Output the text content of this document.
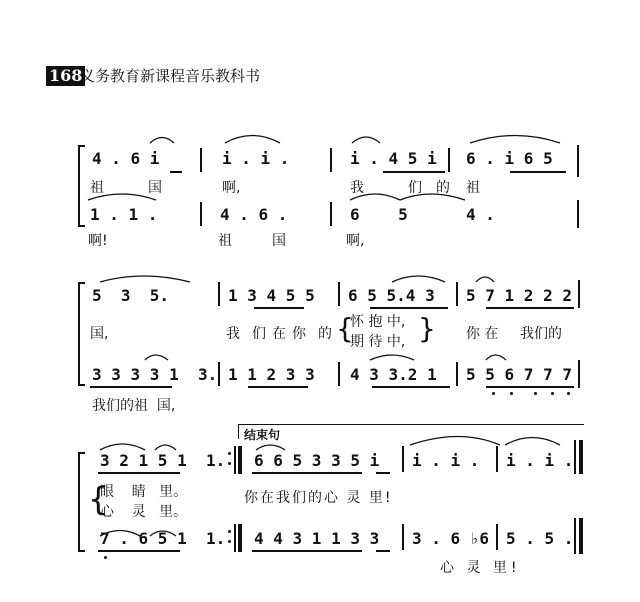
168
义务教育新课程音乐教科书
4 . 6 i	i . i .	i . 4 5 i 6 . i 6 5
祖	国	啊,	我	们 的 祖
1 . 1 .	4 . 6 .	6    5	4 .
啊!	祖	国	啊,
5  3  5.	1 3 4 5 5 6 5 5.4 3 5 7 1 2 2 2
国,	我 们 在 你 的	你 在 我们的
{
怀 抱 中,
期 待 中, }
3 3 3 3 1  3. 1 1 2 3 3 4 3 3.2 1 5 5 6 7 7 7
我们的祖  国,
结束句
3 2 1 5 1  1. 6 6 5 3 3 5 i i . i . i . i .
{
眼    睛   里。
心    灵   里。
你在我们的心 灵 里!
7 . 6 5 1  1. 4 4 3 1 1 3 3 3 . 6 ♭6 5 . 5 .
心 灵 里!
